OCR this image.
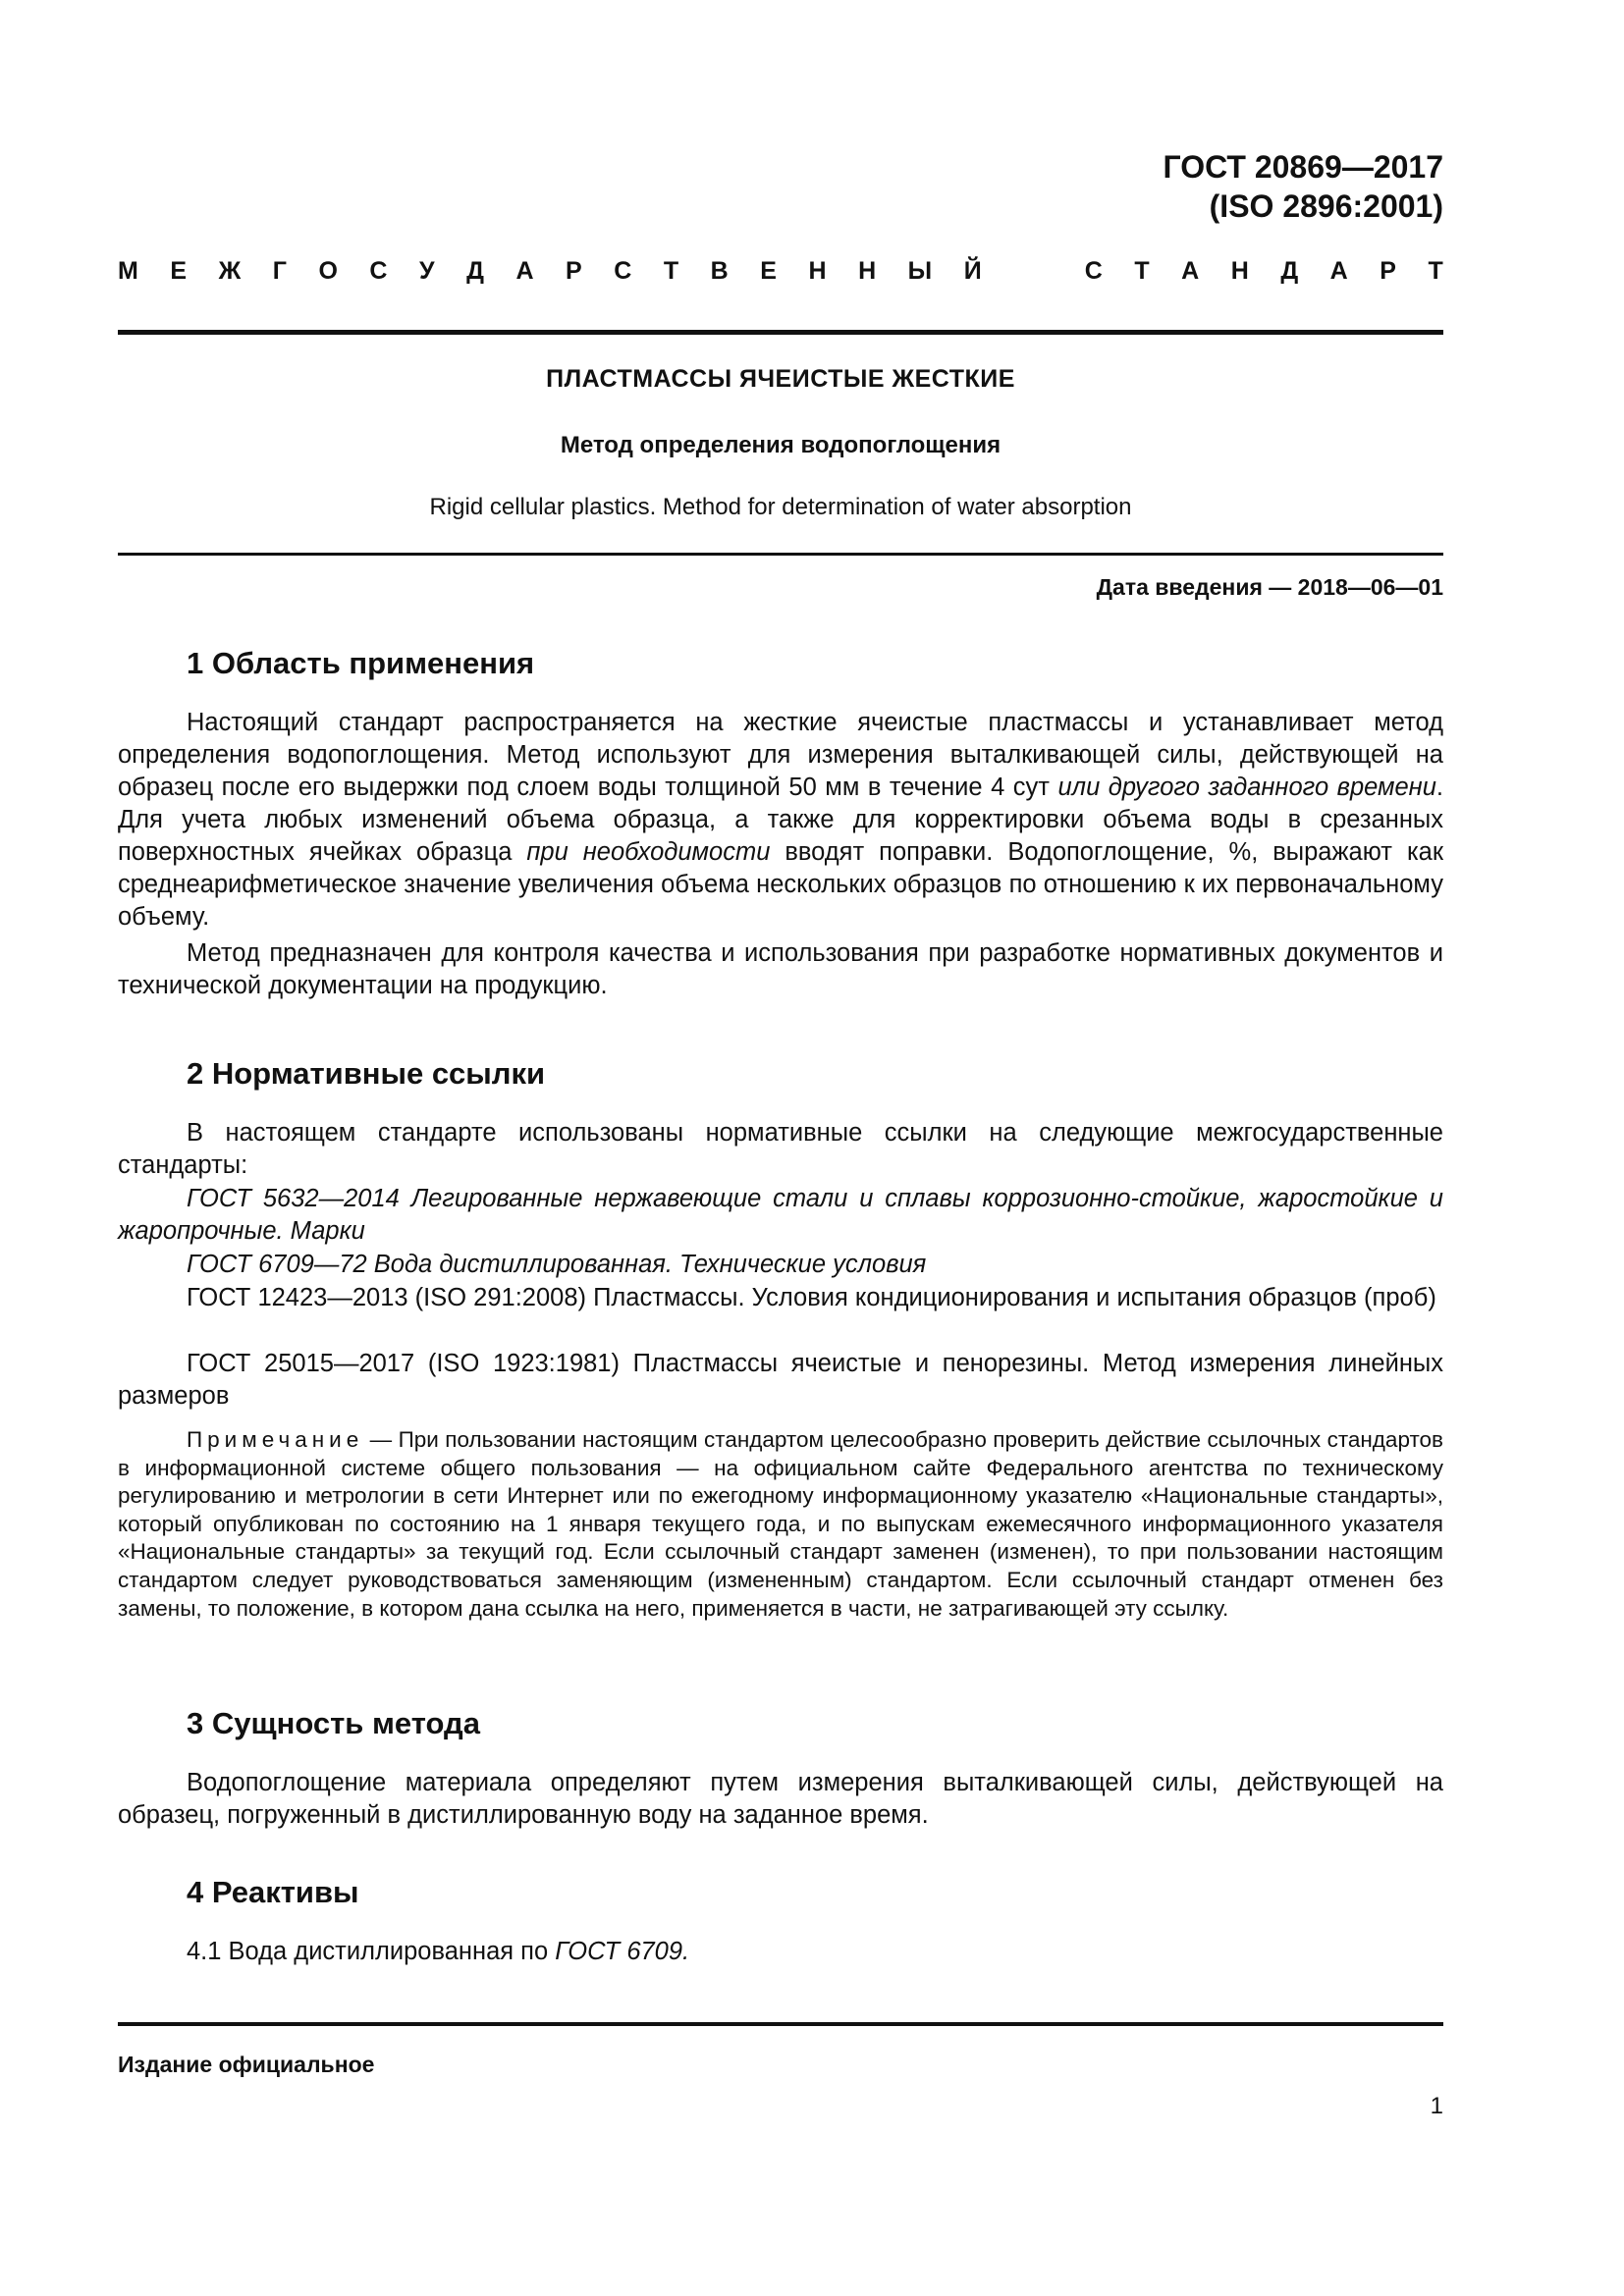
ГОСТ 20869—2017
(ISO 2896:2001)
М Е Ж Г О С У Д А Р С Т В Е Н Н Ы Й	С Т А Н Д А Р Т
ПЛАСТМАССЫ ЯЧЕИСТЫЕ ЖЕСТКИЕ
Метод определения водопоглощения
Rigid cellular plastics. Method for determination of water absorption
Дата введения — 2018—06—01
1 Область применения

Настоящий стандарт распространяется на жесткие ячеистые пластмассы и устанавливает метод определения водопоглощения. Метод используют для измерения выталкивающей силы, действующей на образец после его выдержки под слоем воды толщиной 50 мм в течение 4 сут или другого заданного времени. Для учета любых изменений объема образца, а также для корректировки объема воды в срезанных поверхностных ячейках образца при необходимости вводят поправки. Водопоглощение, %, выражают как среднеарифметическое значение увеличения объема нескольких образцов по отношению к их первоначальному объему.

Метод предназначен для контроля качества и использования при разработке нормативных документов и технической документации на продукцию.

2 Нормативные ссылки

В настоящем стандарте использованы нормативные ссылки на следующие межгосударственные стандарты:

ГОСТ 5632—2014 Легированные нержавеющие стали и сплавы коррозионно-стойкие, жаростойкие и жаропрочные. Марки

ГОСТ 6709—72 Вода дистиллированная. Технические условия

ГОСТ 12423—2013 (ISO 291:2008) Пластмассы. Условия кондиционирования и испытания образцов (проб)

ГОСТ 25015—2017 (ISO 1923:1981) Пластмассы ячеистые и пенорезины. Метод измерения линейных размеров

Примечание — При пользовании настоящим стандартом целесообразно проверить действие ссылочных стандартов в информационной системе общего пользования — на официальном сайте Федерального агентства по техническому регулированию и метрологии в сети Интернет или по ежегодному информационному указателю «Национальные стандарты», который опубликован по состоянию на 1 января текущего года, и по выпускам ежемесячного информационного указателя «Национальные стандарты» за текущий год. Если ссылочный стандарт заменен (изменен), то при пользовании настоящим стандартом следует руководствоваться заменяющим (измененным) стандартом. Если ссылочный стандарт отменен без замены, то положение, в котором дана ссылка на него, применяется в части, не затрагивающей эту ссылку.

3 Сущность метода

Водопоглощение материала определяют путем измерения выталкивающей силы, действующей на образец, погруженный в дистиллированную воду на заданное время.

4 Реактивы

4.1 Вода дистиллированная по ГОСТ 6709.

Издание официальное
1
